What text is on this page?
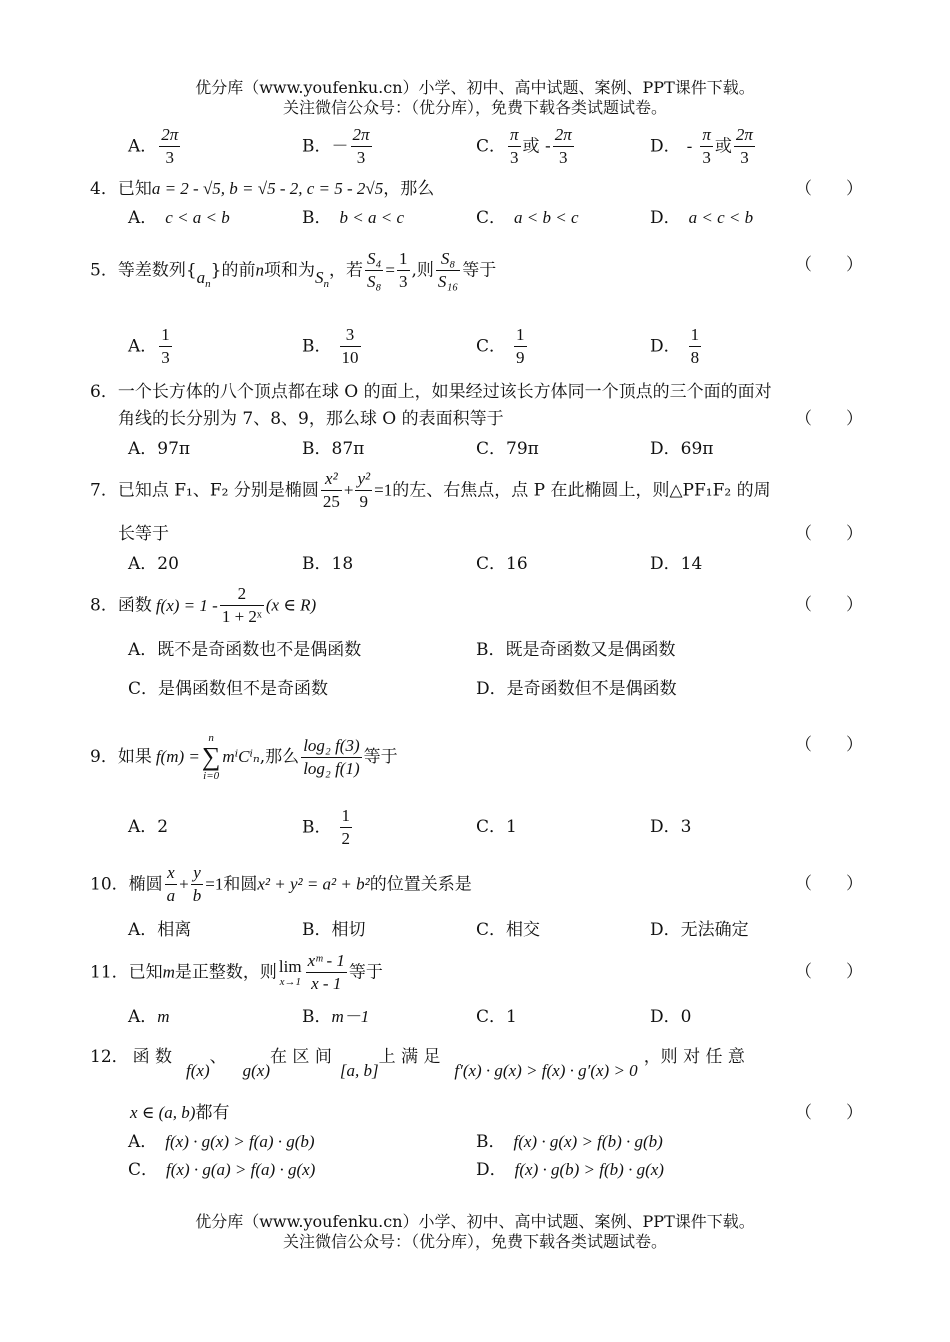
优分库（www.youfenku.cn）小学、初中、高中试题、案例、PPT课件下载。
关注微信公众号：（优分库），免费下载各类试题试卷。
A． $\frac{2\pi}{3}$	B．－ $\frac{2\pi}{3}$	C． $\frac{\pi}{3}$ 或 - $\frac{2\pi}{3}$	D． - $\frac{\pi}{3}$ 或 $\frac{2\pi}{3}$
4．已知a = 2 - √5, b = √5 - 2, c = 5 - 2√5，那么	（　　）
A． c < a < b	B． b < a < c	C． a < b < c	D． a < c < b
5．等差数列$\{a_n\}$的前n项和为$S_n$，若 $\frac{\text{S₄}}{\text{S₈}} = \frac{1}{3}$ ,则 $\frac{\text{S₈}}{\text{S₁₆}}$ 等于	（　　）
A． $\frac{1}{3}$	B． $\frac{3}{10}$	C． $\frac{1}{9}$	D． $\frac{1}{8}$
6．一个长方体的八个顶点都在球 O 的面上，如果经过该长方体同一个顶点的三个面的面对
角线的长分别为 7、8、9，那么球 O 的表面积等于	（　　）
A．97π	B．87π	C．79π	D．69π
7．已知点 F₁、F₂ 分别是椭圆 $\frac{\text{x²}}{25} + \frac{\text{y²}}{9} =1$的左、右焦点，点 P 在此椭圆上，则△PF₁F₂ 的周
长等于	（　　）
A．20	B．18	C．16	D．14
8．函数 $f(x) = 1 - \frac{2}{\text{1 + 2ˣ}} (x$ ∈ R)	（　　）
A．既不是奇函数也不是偶函数	B．既是奇函数又是偶函数
C．是偶函数但不是奇函数	D．是奇函数但不是偶函数
9．如果 f(m) =
n
∑
i=0
mⁱCⁱₙ,那么 $\frac{\text{log₂ f(3)}}{\text{log₂ f(1)}}$ 等于
（　　）
A．2	B． $\frac{1}{2}$	C．1	D．3
10．椭圆 $\frac{x}{a} + \frac{y}{b} =1$和圆x² + y² = a² + b²的位置关系是	（　　）
A．相离	B．相切	C．相交	D．无法确定
11．已知m是正整数，则 lim
$x\to 1 \frac{\text{xᵐ - 1}}{x - 1}$ 等于	（　　）
A．m	B．m－1	C．1	D．0
12． 函 数f(x)、g(x)在 区 间[a, b]上 满 足f′(x) · g(x) > f(x) · g′(x) > 0，则 对 任 意
x ∈ (a, b)都有	（　　）
A． f(x) · g(x) > f(a) · g(b)	B． f(x) · g(x) > f(b) · g(b)
C． f(x) · g(a) > f(a) · g(x)	D． f(x) · g(b) > f(b) · g(x)
优分库（www.youfenku.cn）小学、初中、高中试题、案例、PPT课件下载。
关注微信公众号：（优分库），免费下载各类试题试卷。
